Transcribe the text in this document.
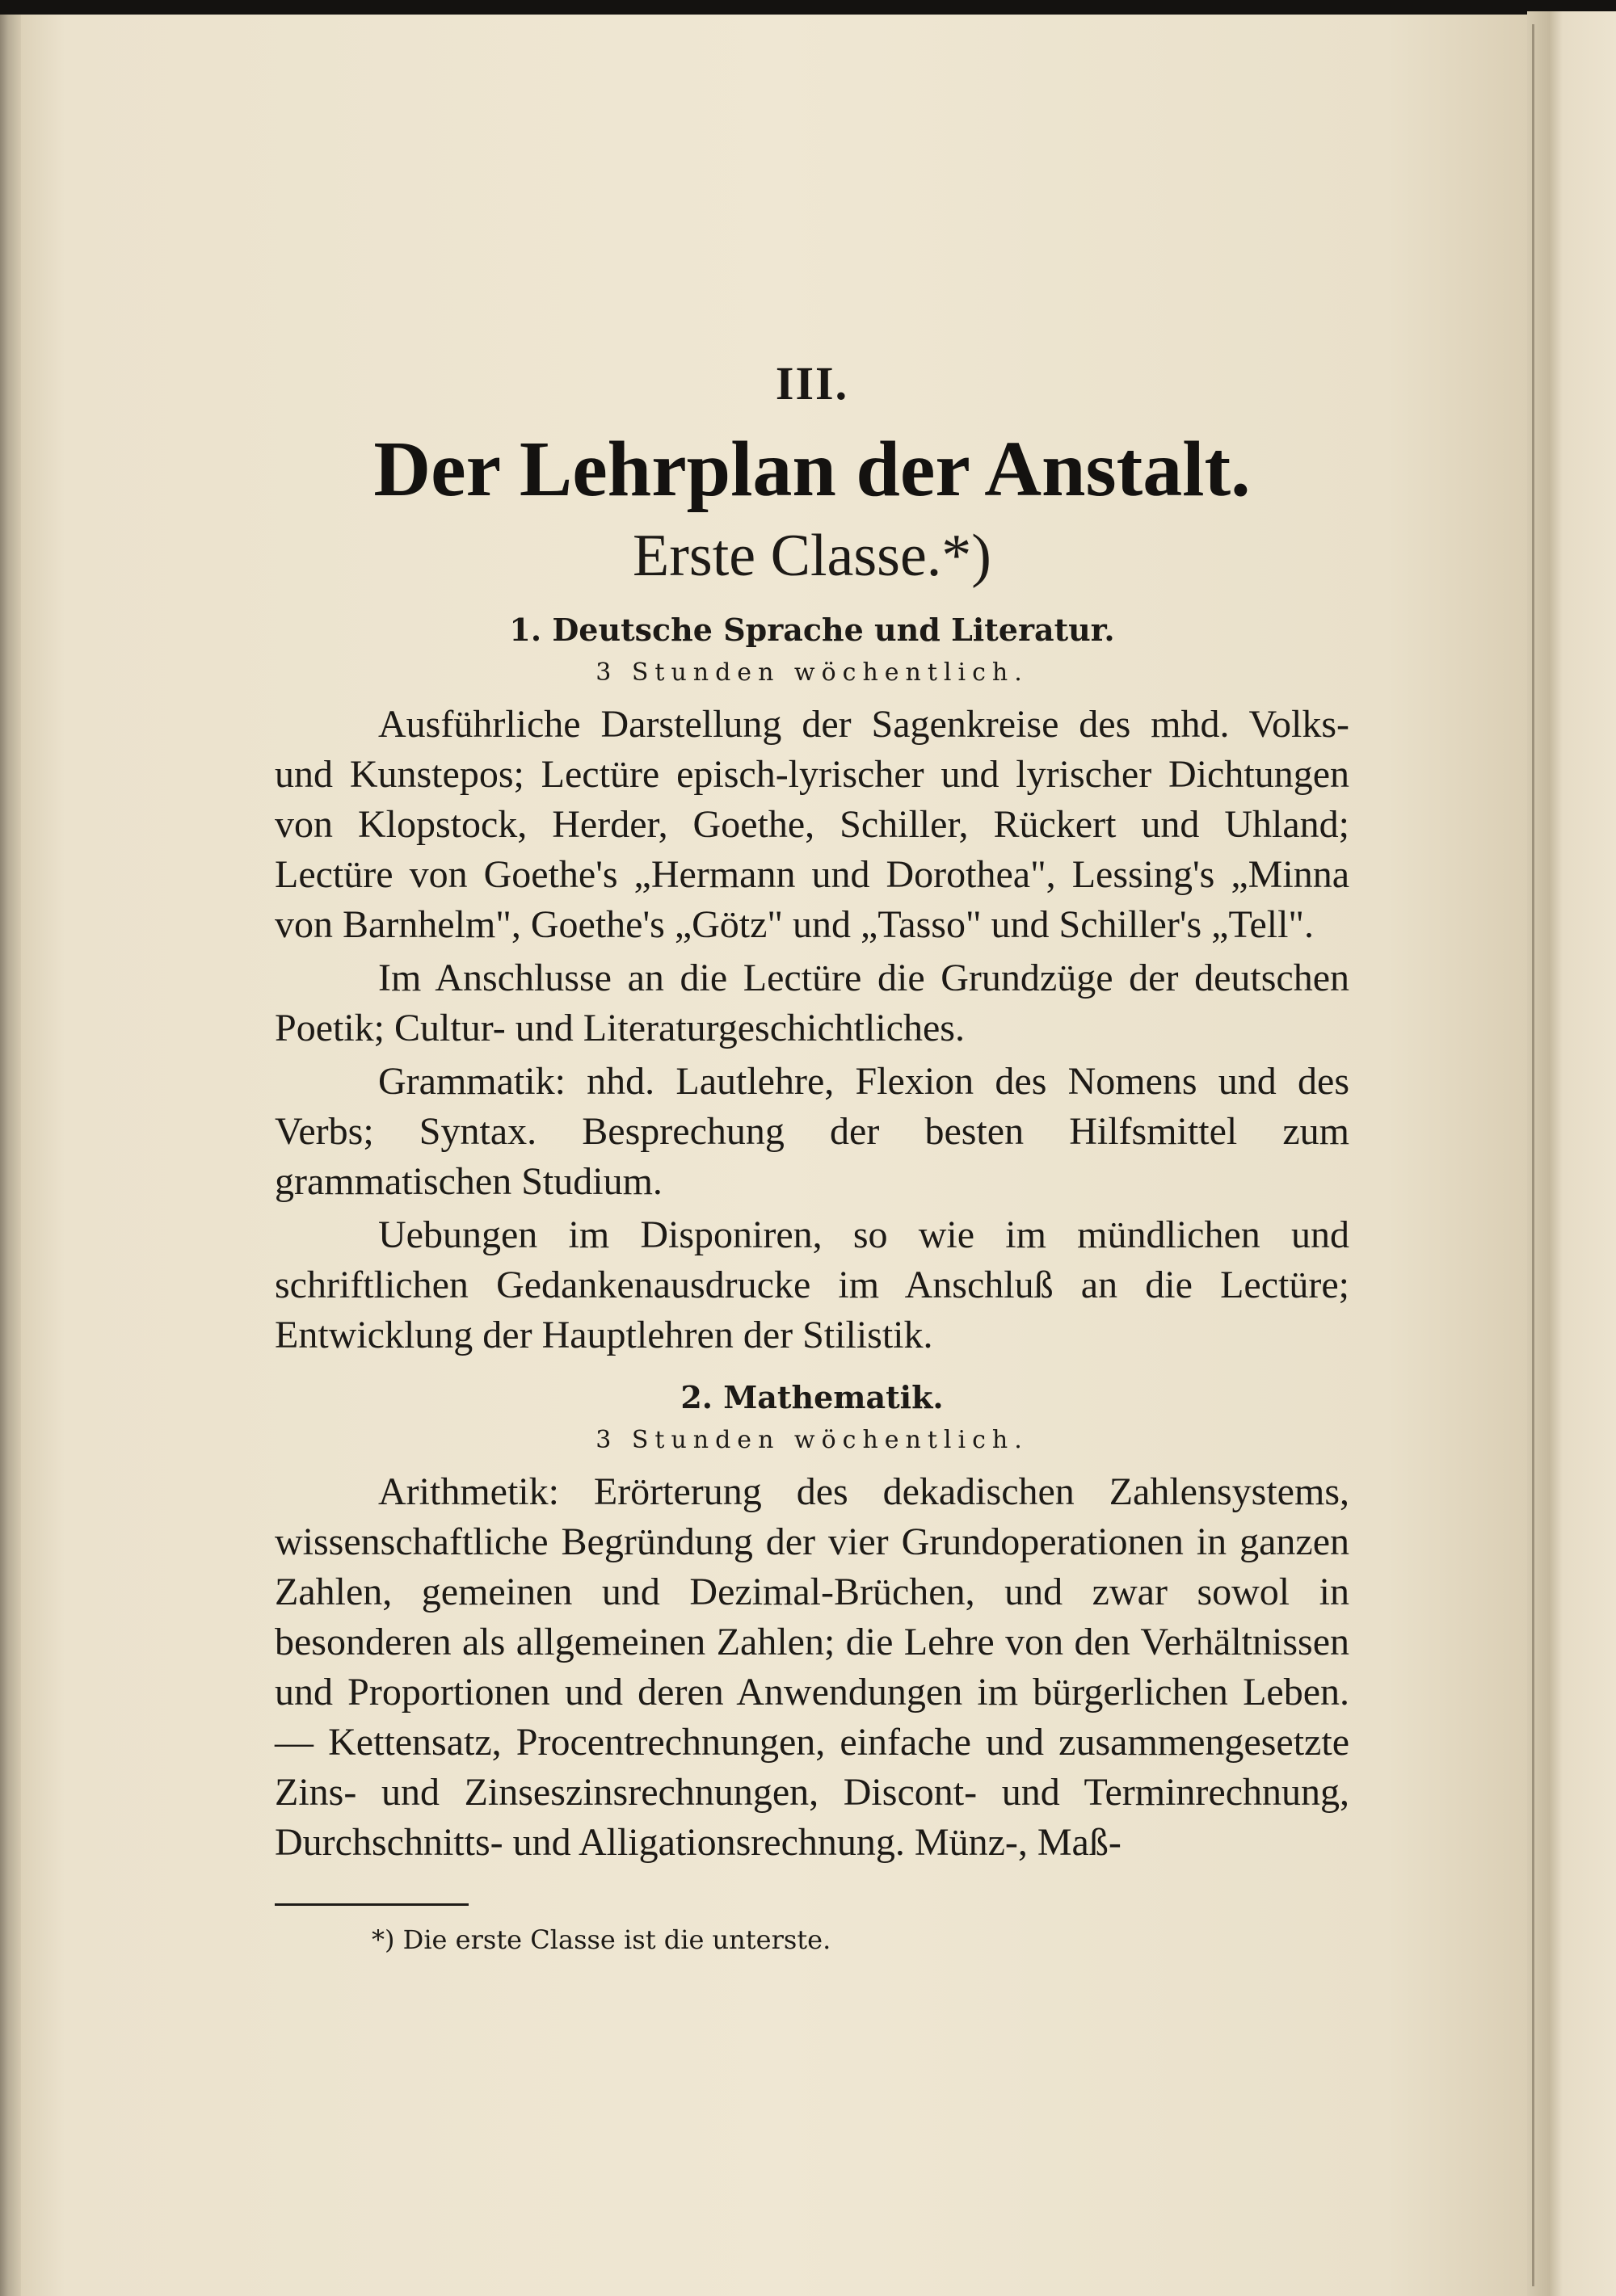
III.

Der Lehrplan der Anstalt.

Erste Classe.*)

1. Deutsche Sprache und Literatur.

3 Stunden wöchentlich.

Ausführliche Darstellung der Sagenkreise des mhd. Volks- und Kunstepos; Lectüre episch-lyrischer und lyrischer Dichtungen von Klopstock, Herder, Goethe, Schiller, Rückert und Uhland; Lectüre von Goethe's „Hermann und Dorothea", Lessing's „Minna von Barnhelm", Goethe's „Götz" und „Tasso" und Schiller's „Tell".

Im Anschlusse an die Lectüre die Grundzüge der deutschen Poetik; Cultur- und Literaturgeschichtliches.

Grammatik: nhd. Lautlehre, Flexion des Nomens und des Verbs; Syntax. Besprechung der besten Hilfsmittel zum grammatischen Studium.

Uebungen im Disponiren, so wie im mündlichen und schriftlichen Gedankenausdrucke im Anschluß an die Lectüre; Entwicklung der Hauptlehren der Stilistik.

2. Mathematik.

3 Stunden wöchentlich.

Arithmetik: Erörterung des dekadischen Zahlensystems, wissenschaftliche Begründung der vier Grundoperationen in ganzen Zahlen, gemeinen und Dezimal-Brüchen, und zwar sowol in besonderen als allgemeinen Zahlen; die Lehre von den Verhältnissen und Proportionen und deren Anwendungen im bürgerlichen Leben. — Kettensatz, Procentrechnungen, einfache und zusammengesetzte Zins- und Zinseszinsrechnungen, Discont- und Terminrechnung, Durchschnitts- und Alligationsrechnung. Münz-, Maß-

*) Die erste Classe ist die unterste.
